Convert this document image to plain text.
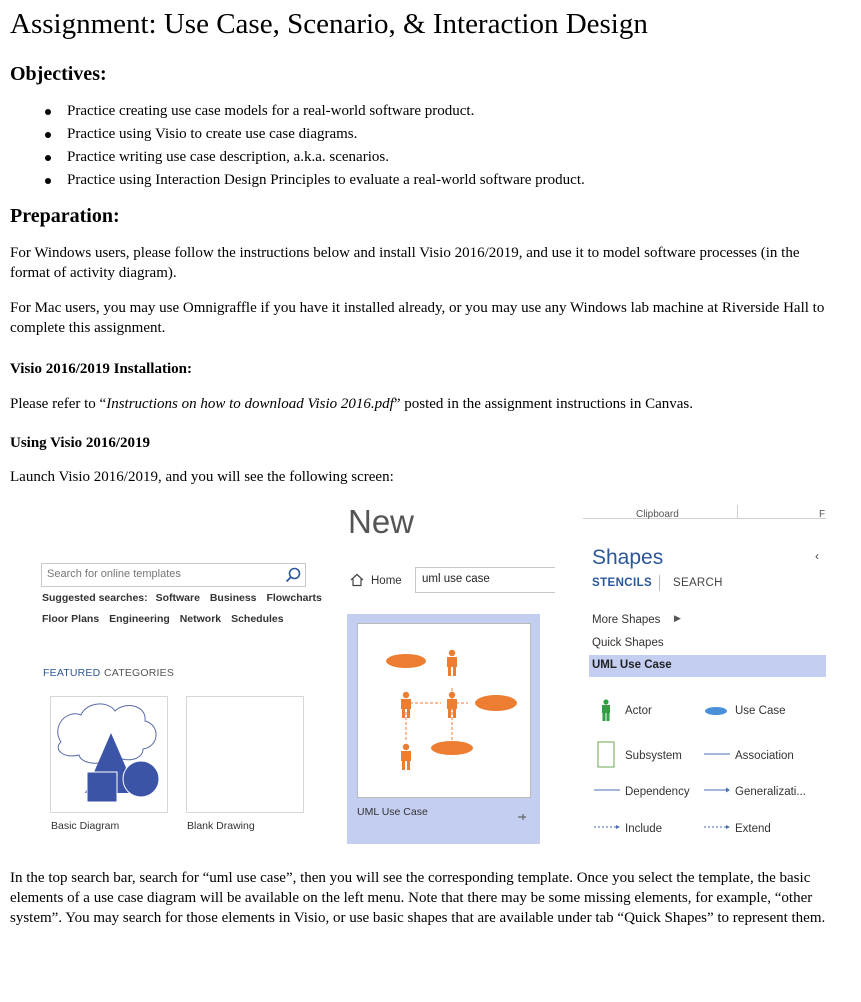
Assignment: Use Case, Scenario, & Interaction Design
Objectives:
Practice creating use case models for a real-world software product.
Practice using Visio to create use case diagrams.
Practice writing use case description, a.k.a. scenarios.
Practice using Interaction Design Principles to evaluate a real-world software product.
Preparation:

For Windows users, please follow the instructions below and install Visio 2016/2019, and use it to model software processes (in the format of activity diagram).

For Mac users, you may use Omnigraffle if you have it installed already, or you may use any Windows lab machine at Riverside Hall to complete this assignment.

Visio 2016/2019 Installation:

Please refer to “Instructions on how to download Visio 2016.pdf” posted in the assignment instructions in Canvas.

Using Visio 2016/2019

Launch Visio 2016/2019, and you will see the following screen:

Search for online templates
Suggested searches: Software Business Flowcharts
Floor Plans Engineering Network Schedules
FEATURED CATEGORIES
Basic Diagram	Blank Drawing
New
Home uml use case
UML Use Case
Clipboard	F
Shapes	‹
STENCILS SEARCH
More Shapes ▶
Quick Shapes
UML Use Case
Actor	Use Case
Subsystem	Association
Dependency	Generalizati...
Include	Extend

In the top search bar, search for “uml use case”, then you will see the corresponding template. Once you select the template, the basic elements of a use case diagram will be available on the left menu. Note that there may be some missing elements, for example, “other system”. You may search for those elements in Visio, or use basic shapes that are available under tab “Quick Shapes” to represent them.
